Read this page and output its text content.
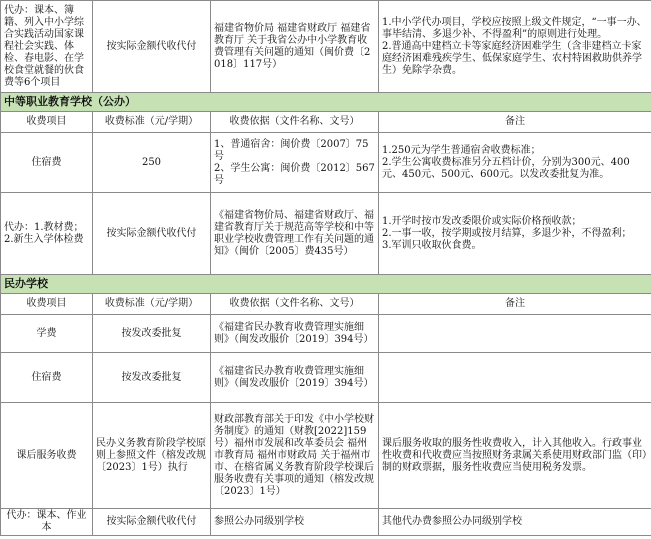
代办：课本、簿籍、列入中小学综合实践活动国家课程社会实践、体检、春电影、在学校食堂就餐的伙食费等6个项目	按实际金额代收代付	福建省物价局 福建省财政厅 福建省教育厅 关于我省公办中小学教育收费管理有关问题的通知（闽价费〔2018〕117号）	1.中小学代办项目，学校应按照上级文件规定，“一事一办、事毕结清、多退少补、不得盈利”的原则进行处理。
2.普通高中建档立卡等家庭经济困难学生（含非建档立卡家庭经济困难残疾学生、低保家庭学生、农村特困救助供养学生）免除学杂费。

中等职业教育学校（公办）			
收费项目	收费标准（元/学期）	收费依据（文件名称、文号）	备注
住宿费	250	1、普通宿舍：闽价费〔2007〕75号
2、学生公寓：闽价费〔2012〕567号	1.250元为学生普通宿舍收费标准；
2.学生公寓收费标准另分五档计价，分别为300元、400元、450元、500元、600元。以发改委批复为准。

代办：1.教材费；
2.新生入学体检费	按实际金额代收代付	《福建省物价局、福建省财政厅、福建省教育厅关于规范高等学校和中等职业学校收费管理工作有关问题的通知》（闽价〔2005〕费435号）	1.开学时按市发改委限价或实际价格预收款；
2.一事一收，按学期或按月结算，多退少补，不得盈利；
3.军训只收取伙食费。

民办学校			
收费项目	收费标准（元/学期）	收费依据（文件名称、文号）	备注
学费	按发改委批复	《福建省民办教育收费管理实施细则》（闽发改服价〔2019〕394号）	
住宿费	按发改委批复	《福建省民办教育收费管理实施细则》（闽发改服价〔2019〕394号）	
课后服务收费	民办义务教育阶段学校原则上参照文件（榕发改规〔2023〕1号）执行	财政部教育部关于印发《中小学校财务制度》的通知（财教[2022]159号）福州市发展和改革委员会 福州市教育局 福州市财政局 关于福州市市、在榕省属义务教育阶段学校课后服务收费有关事项的通知（榕发改规〔2023〕1号）	课后服务收取的服务性收费收入，计入其他收入。行政事业性收费和代收费应当按照财务隶属关系使用财政部门监（印）制的财政票据，服务性收费应当使用税务发票。
代办：课本、作业本	按实际金额代收代付	参照公办同级别学校	其他代办费参照公办同级别学校
